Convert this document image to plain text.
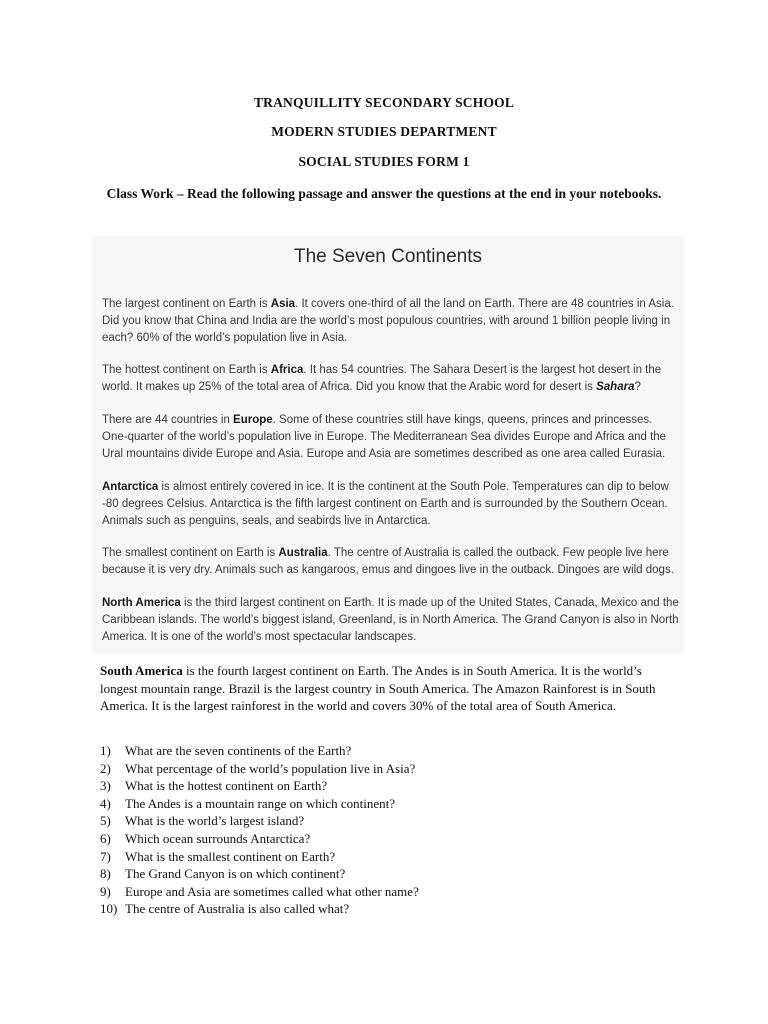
TRANQUILLITY SECONDARY SCHOOL
MODERN STUDIES DEPARTMENT
SOCIAL STUDIES FORM 1
Class Work – Read the following passage and answer the questions at the end in your notebooks.
The Seven Continents

The largest continent on Earth is Asia. It covers one-third of all the land on Earth. There are 48 countries in Asia. Did you know that China and India are the world’s most populous countries, with around 1 billion people living in each? 60% of the world’s population live in Asia.

The hottest continent on Earth is Africa. It has 54 countries. The Sahara Desert is the largest hot desert in the world. It makes up 25% of the total area of Africa. Did you know that the Arabic word for desert is Sahara?

There are 44 countries in Europe. Some of these countries still have kings, queens, princes and princesses. One-quarter of the world’s population live in Europe. The Mediterranean Sea divides Europe and Africa and the Ural mountains divide Europe and Asia. Europe and Asia are sometimes described as one area called Eurasia.

Antarctica is almost entirely covered in ice. It is the continent at the South Pole. Temperatures can dip to below -80 degrees Celsius. Antarctica is the fifth largest continent on Earth and is surrounded by the Southern Ocean. Animals such as penguins, seals, and seabirds live in Antarctica.

The smallest continent on Earth is Australia. The centre of Australia is called the outback. Few people live here because it is very dry. Animals such as kangaroos, emus and dingoes live in the outback. Dingoes are wild dogs.

North America is the third largest continent on Earth. It is made up of the United States, Canada, Mexico and the Caribbean islands. The world’s biggest island, Greenland, is in North America. The Grand Canyon is also in North America. It is one of the world’s most spectacular landscapes.

South America is the fourth largest continent on Earth. The Andes is in South America. It is the world’s longest mountain range. Brazil is the largest country in South America. The Amazon Rainforest is in South America. It is the largest rainforest in the world and covers 30% of the total area of South America.

1) What are the seven continents of the Earth?
2) What percentage of the world’s population live in Asia?
3) What is the hottest continent on Earth?
4) The Andes is a mountain range on which continent?
5) What is the world’s largest island?
6) Which ocean surrounds Antarctica?
7) What is the smallest continent on Earth?
8) The Grand Canyon is on which continent?
9) Europe and Asia are sometimes called what other name?
10) The centre of Australia is also called what?
